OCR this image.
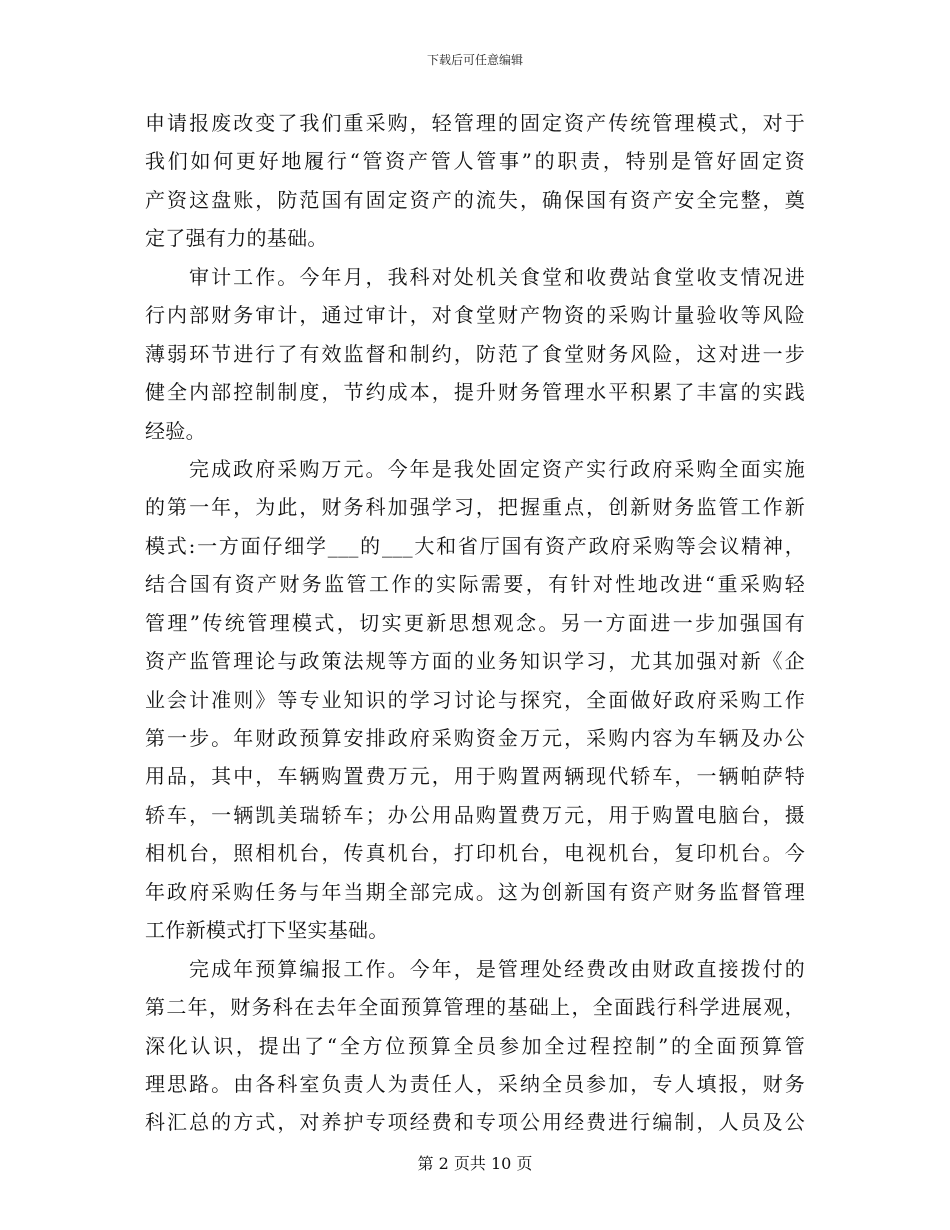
下载后可任意编辑
申请报废改变了我们重采购，轻管理的固定资产传统管理模式，对于
我们如何更好地履行“管资产管人管事”的职责，特别是管好固定资
产资这盘账，防范国有固定资产的流失，确保国有资产安全完整，奠
定了强有力的基础。
审计工作。今年月，我科对处机关食堂和收费站食堂收支情况进
行内部财务审计，通过审计，对食堂财产物资的采购计量验收等风险
薄弱环节进行了有效监督和制约，防范了食堂财务风险，这对进一步
健全内部控制制度，节约成本，提升财务管理水平积累了丰富的实践
经验。
完成政府采购万元。今年是我处固定资产实行政府采购全面实施
的第一年，为此，财务科加强学习，把握重点，创新财务监管工作新
模式:一方面仔细学___的___大和省厅国有资产政府采购等会议精神，
结合国有资产财务监管工作的实际需要，有针对性地改进“重采购轻
管理”传统管理模式，切实更新思想观念。另一方面进一步加强国有
资产监管理论与政策法规等方面的业务知识学习，尤其加强对新《企
业会计准则》等专业知识的学习讨论与探究，全面做好政府采购工作
第一步。年财政预算安排政府采购资金万元，采购内容为车辆及办公
用品，其中，车辆购置费万元，用于购置两辆现代轿车，一辆帕萨特
轿车，一辆凯美瑞轿车；办公用品购置费万元，用于购置电脑台，摄
相机台，照相机台，传真机台，打印机台，电视机台，复印机台。今
年政府采购任务与年当期全部完成。这为创新国有资产财务监督管理
工作新模式打下坚实基础。
完成年预算编报工作。今年，是管理处经费改由财政直接拨付的
第二年，财务科在去年全面预算管理的基础上，全面践行科学进展观，
深化认识，提出了“全方位预算全员参加全过程控制”的全面预算管
理思路。由各科室负责人为责任人，采纳全员参加，专人填报，财务
科汇总的方式，对养护专项经费和专项公用经费进行编制，人员及公
第 2 页共 10 页
